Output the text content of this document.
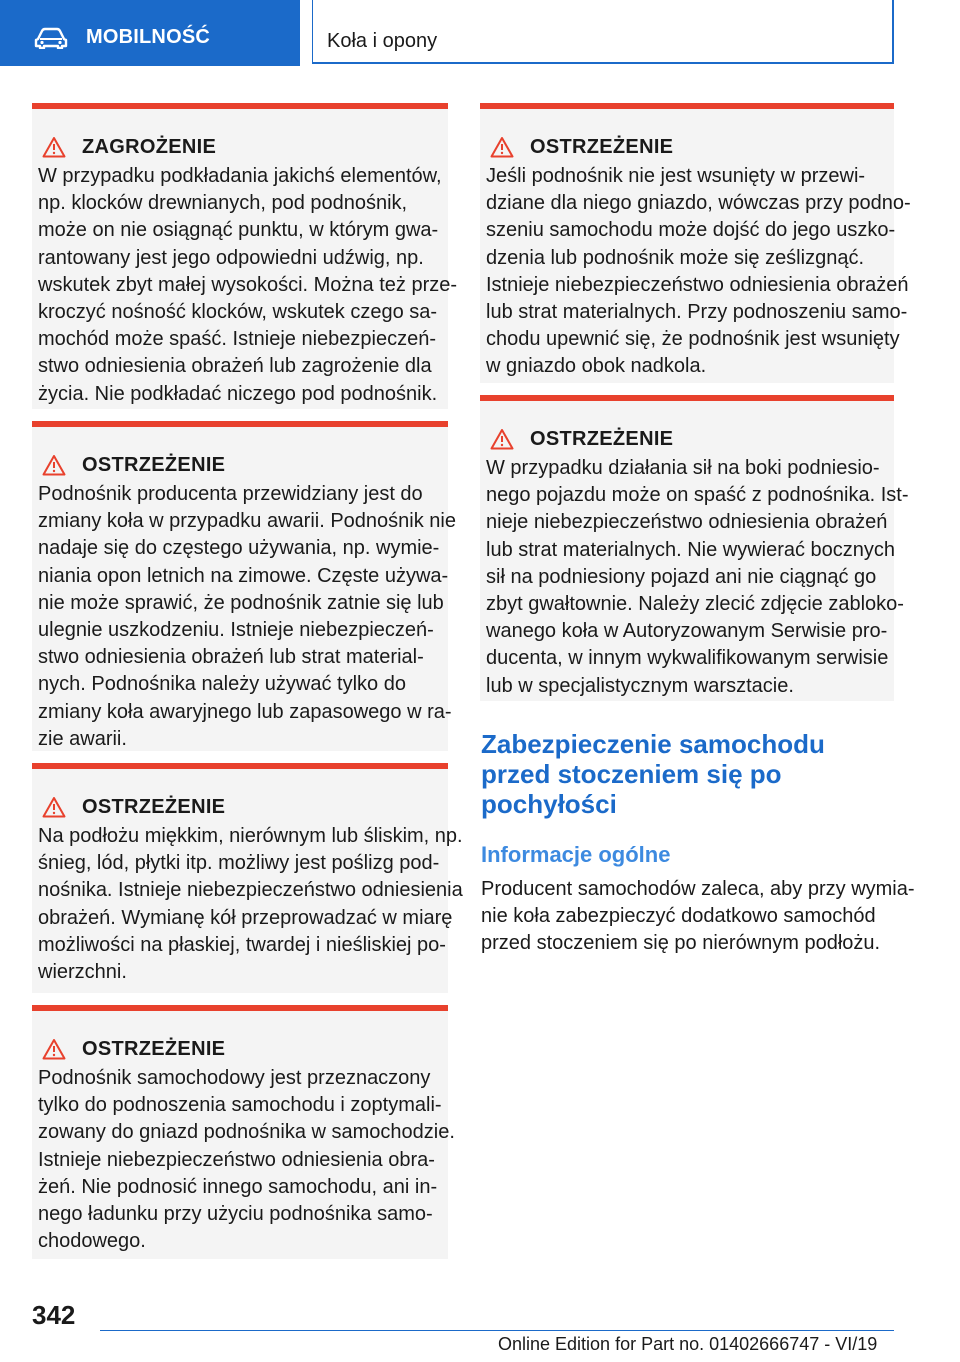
MOBILNOŚĆ	Koła i opony
ZAGROŻENIE

W przypadku podkładania jakichś elementów,
np. klocków drewnianych, pod podnośnik,
może on nie osiągnąć punktu, w którym gwa-
rantowany jest jego odpowiedni udźwig, np.
wskutek zbyt małej wysokości. Można też prze-
kroczyć nośność klocków, wskutek czego sa-
mochód może spaść. Istnieje niebezpieczeń-
stwo odniesienia obrażeń lub zagrożenie dla
życia. Nie podkładać niczego pod podnośnik.

OSTRZEŻENIE

Podnośnik producenta przewidziany jest do
zmiany koła w przypadku awarii. Podnośnik nie
nadaje się do częstego używania, np. wymie-
niania opon letnich na zimowe. Częste używa-
nie może sprawić, że podnośnik zatnie się lub
ulegnie uszkodzeniu. Istnieje niebezpieczeń-
stwo odniesienia obrażeń lub strat material-
nych. Podnośnika należy używać tylko do
zmiany koła awaryjnego lub zapasowego w ra-
zie awarii.

OSTRZEŻENIE

Na podłożu miękkim, nierównym lub śliskim, np.
śnieg, lód, płytki itp. możliwy jest poślizg pod-
nośnika. Istnieje niebezpieczeństwo odniesienia
obrażeń. Wymianę kół przeprowadzać w miarę
możliwości na płaskiej, twardej i nieśliskiej po-
wierzchni.

OSTRZEŻENIE

Podnośnik samochodowy jest przeznaczony
tylko do podnoszenia samochodu i zoptymali-
zowany do gniazd podnośnika w samochodzie.
Istnieje niebezpieczeństwo odniesienia obra-
żeń. Nie podnosić innego samochodu, ani in-
nego ładunku przy użyciu podnośnika samo-
chodowego.

OSTRZEŻENIE

Jeśli podnośnik nie jest wsunięty w przewi-
dziane dla niego gniazdo, wówczas przy podno-
szeniu samochodu może dojść do jego uszko-
dzenia lub podnośnik może się ześlizgnąć.
Istnieje niebezpieczeństwo odniesienia obrażeń
lub strat materialnych. Przy podnoszeniu samo-
chodu upewnić się, że podnośnik jest wsunięty
w gniazdo obok nadkola.

OSTRZEŻENIE

W przypadku działania sił na boki podniesio-
nego pojazdu może on spaść z podnośnika. Ist-
nieje niebezpieczeństwo odniesienia obrażeń
lub strat materialnych. Nie wywierać bocznych
sił na podniesiony pojazd ani nie ciągnąć go
zbyt gwałtownie. Należy zlecić zdjęcie zabloko-
wanego koła w Autoryzowanym Serwisie pro-
ducenta, w innym wykwalifikowanym serwisie
lub w specjalistycznym warsztacie.

Zabezpieczenie samochodu
przed stoczeniem się po
pochyłości
Informacje ogólne

Producent samochodów zaleca, aby przy wymia-
nie koła zabezpieczyć dodatkowo samochód
przed stoczeniem się po nierównym podłożu.

342
Online Edition for Part no. 01402666747 - VI/19
